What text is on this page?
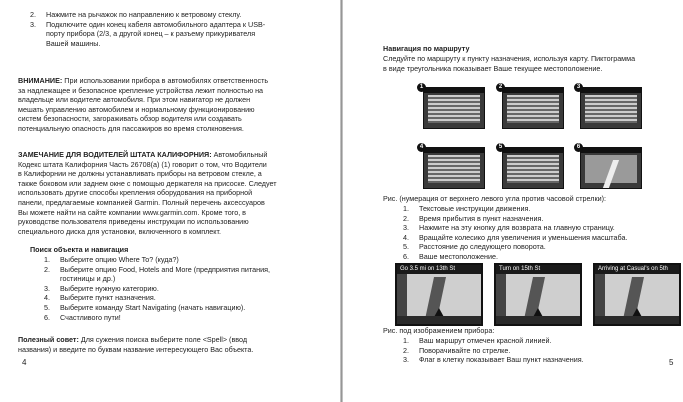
2. Нажмите на рычажок по направлению к ветровому стеклу.
3. Подключите один конец кабеля автомобильного адаптера к USB-
порту прибора (2/3, а другой конец – к разъему прикуривателя
Вашей машины.
ВНИМАНИЕ: При использовании прибора в автомобилях ответственность
за надлежащее и безопасное крепление устройства лежит полностью на
владельце или водителе автомобиля. При этом навигатор не должен
мешать управлению автомобилем и нормальному функционированию
систем безопасности, загораживать обзор водителя или создавать
потенциальную опасность для пассажиров во время столкновения.
ЗАМЕЧАНИЕ ДЛЯ ВОДИТЕЛЕЙ ШТАТА КАЛИФОРНИЯ: Автомобильный
Кодекс штата Калифорния Часть 26708(а) (1) говорит о том, что Водители
в Калифорнии не должны устанавливать приборы на ветровом стекле, а
также боковом или заднем окне с помощью держателя на присоске. Следует
использовать другие способы крепления оборудования на приборной
панели, предлагаемые компанией Garmin. Полный перечень аксессуаров
Вы можете найти на сайте компании www.garmin.com. Кроме того, в
руководстве пользователя приведены инструкции по использованию
специального диска для установки, включенного в комплект.
Поиск объекта и навигация
1. Выберите опцию Where To? (куда?)
2. Выберите опцию Food, Hotels and More (предприятия питания,
гостиницы и др.)
3. Выберите нужную категорию.
4. Выберите пункт назначения.
5. Выберите команду Start Navigating (начать навигацию).
6. Счастливого пути!
Полезный совет: Для сужения поиска выберите поле <Spell> (ввод
названия) и введите по буквам название интересующего Вас объекта.
4
Навигация по маршруту
Следуйте по маршруту к пункту назначения, используя карту. Пиктограмма
в виде треугольника показывает Ваше текущее местоположение.
1	2	3
4	5	6
Рис. (нумерация от верхнего левого угла против часовой стрелки):
1. Текстовые инструкции движения.
2. Время прибытия в пункт назначения.
3. Нажмите на эту кнопку для возврата на главную страницу.
4. Вращайте колесико для увеличения и уменьшения масштаба.
5. Расстояние до следующего поворота.
6. Ваше местоположение.
Go 3.5 mi on 13th St	Turn on 15th St	Arriving at Casual's on 5th
Рис. под изображением прибора:
1. Ваш маршрут отмечен красной линией.
2. Поворачивайте по стрелке.
3. Флаг в клетку показывает Ваш пункт назначения.	5
